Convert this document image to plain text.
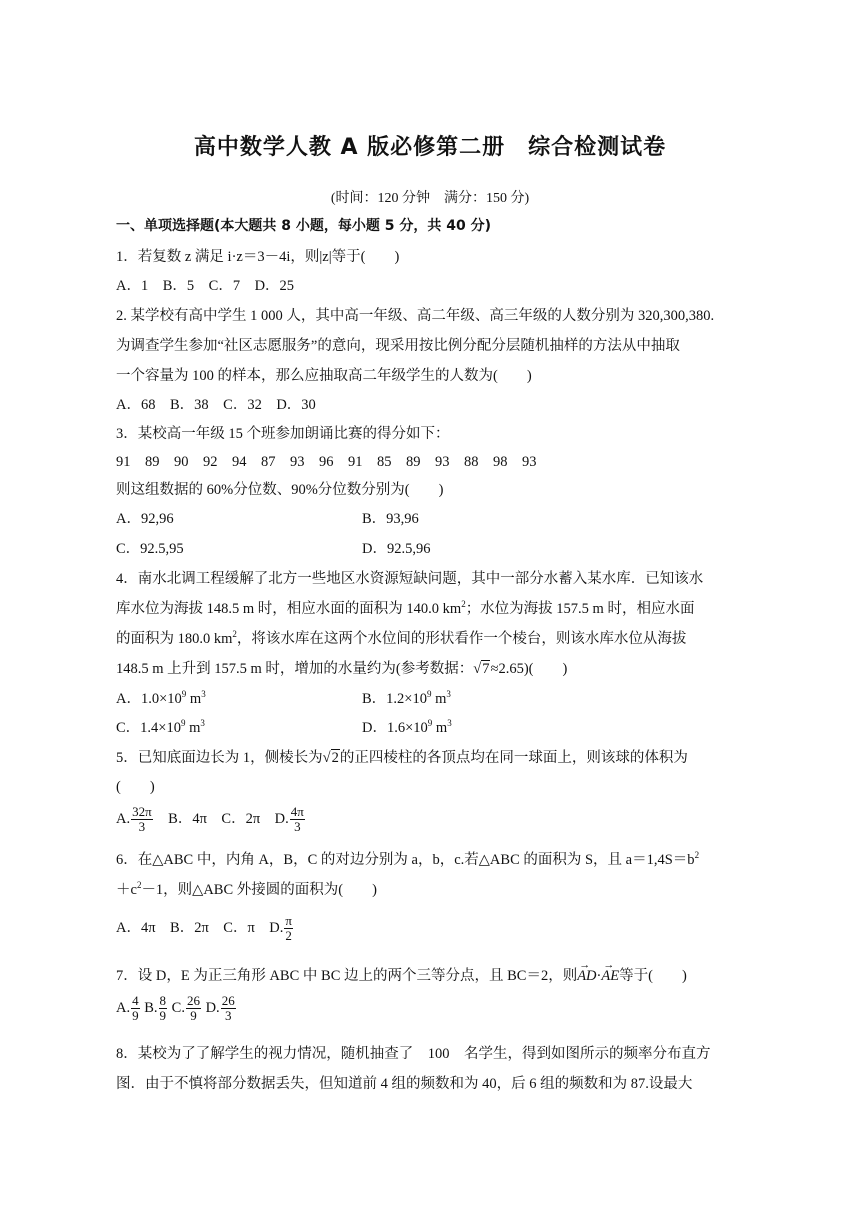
高中数学人教 A 版必修第二册　综合检测试卷
(时间：120 分钟　满分：150 分)
一、单项选择题(本大题共 8 小题，每小题 5 分，共 40 分)
1．若复数 z 满足 i·z＝3－4i，则|z|等于(　　)
A．1　B．5　C．7　D．25
2. 某学校有高中学生 1 000 人，其中高一年级、高二年级、高三年级的人数分别为 320,300,380.
为调查学生参加“社区志愿服务”的意向，现采用按比例分配分层随机抽样的方法从中抽取
一个容量为 100 的样本，那么应抽取高二年级学生的人数为(　　)
A．68　B．38　C．32　D．30
3．某校高一年级 15 个班参加朗诵比赛的得分如下：
91　89　90　92　94　87　93　96　91　85　89　93　88　98　93
则这组数据的 60%分位数、90%分位数分别为(　　)
A．92,96	B．93,96
C．92.5,95	D．92.5,96
4．南水北调工程缓解了北方一些地区水资源短缺问题，其中一部分水蓄入某水库．已知该水
库水位为海拔 148.5 m 时，相应水面的面积为 140.0 $km^2$；水位为海拔 157.5 m 时，相应水面
的面积为 180.0 $km^2$，将该水库在这两个水位间的形状看作一个棱台，则该水库水位从海拔
148.5 m 上升到 157.5 m 时，增加的水量约为(参考数据：√7≈2.65)(　　)
A．$1.0\times 10^9$ $m^3$	B．$1.2\times 10^9$ $m^3$
C．$1.4\times 10^9$ $m^3$	D．$1.6\times 10^9$ $m^3$
5．已知底面边长为 1，侧棱长为√2的正四棱柱的各顶点均在同一球面上，则该球的体积为
(　　)
A. $\frac{32\pi}{3}$ 　B．4π　C．2π　D. $\frac{4\pi}{3}$
6．在△ABC 中，内角 A，B，C 的对边分别为 a，b，c.若△ABC 的面积为 S，且 $a=1,4S=b^2$
$+c^2-1$，则△ABC 外接圆的面积为(　　)
A．4π　B．2π　C．π　D. $\frac{\pi}{2}$
7．设 D，E 为正三角形 ABC 中 BC 边上的两个三等分点，且 BC＝2，则→ AD·→ AE等于(　　)
A. $\frac{4}{9} B$. $\frac{8}{9} C$. $\frac{26}{9} D$. $\frac{26}{3}$
8．某校为了了解学生的视力情况，随机抽查了　100　名学生，得到如图所示的频率分布直方
图．由于不慎将部分数据丢失，但知道前 4 组的频数和为 40，后 6 组的频数和为 87.设最大
